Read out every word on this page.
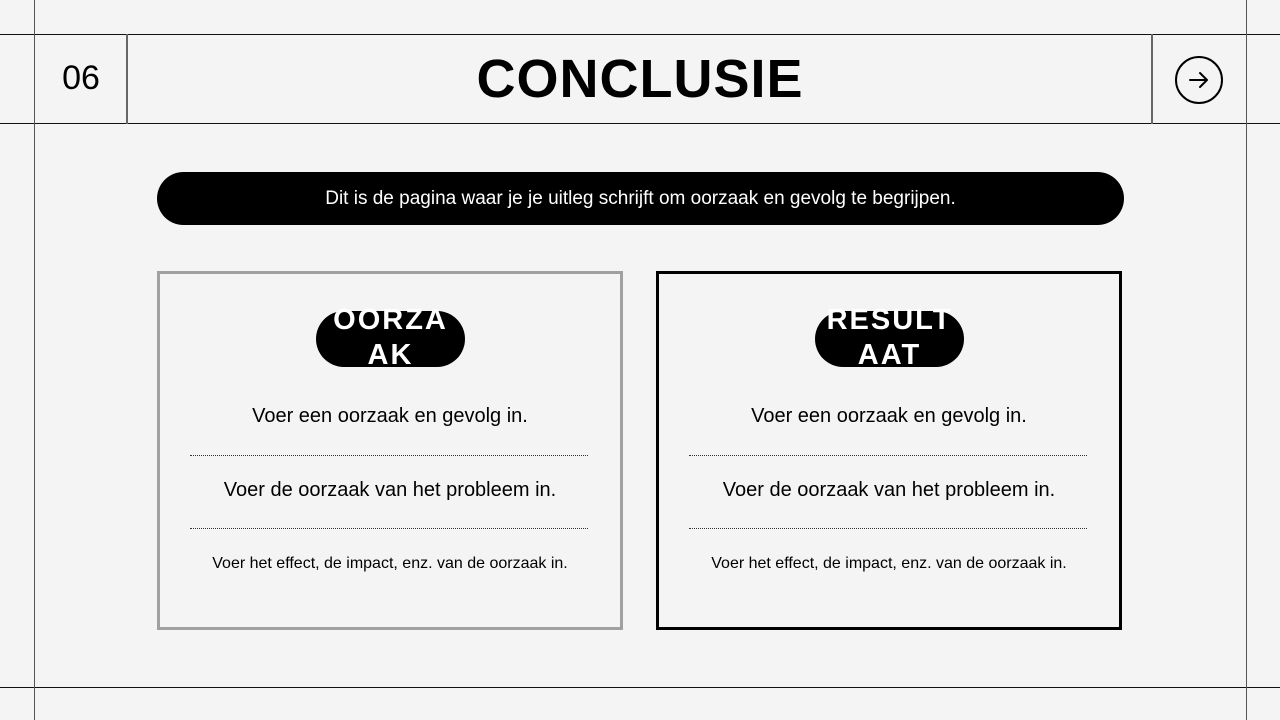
06	CONCLUSIE
Dit is de pagina waar je je uitleg schrijft om oorzaak en gevolg te begrijpen.
OORZAAK
Voer een oorzaak en gevolg in.
Voer de oorzaak van het probleem in.
Voer het effect, de impact, enz. van de oorzaak in.
RESULTAAT
Voer een oorzaak en gevolg in.
Voer de oorzaak van het probleem in.
Voer het effect, de impact, enz. van de oorzaak in.
